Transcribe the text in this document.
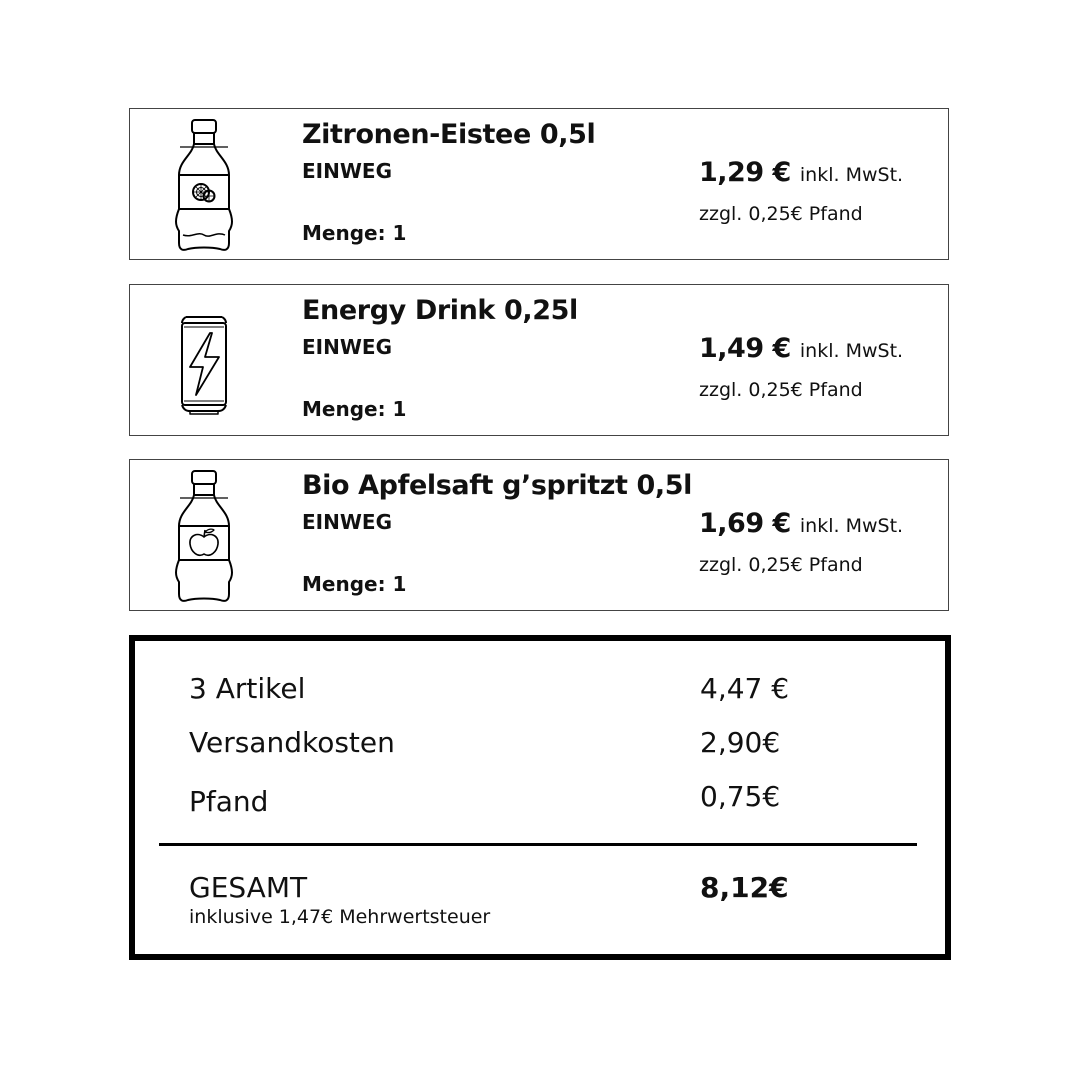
Zitronen-Eistee 0,5l
EINWEG
Menge: 1
1,29 € inkl. MwSt.
zzgl. 0,25€ Pfand
Energy Drink 0,25l
EINWEG
Menge: 1
1,49 € inkl. MwSt.
zzgl. 0,25€ Pfand
Bio Apfelsaft g’spritzt 0,5l
EINWEG
Menge: 1
1,69 € inkl. MwSt.
zzgl. 0,25€ Pfand
3 Artikel	4,47 €
Versandkosten	2,90€
Pfand	0,75€
GESAMT	8,12€
inklusive 1,47€ Mehrwertsteuer
